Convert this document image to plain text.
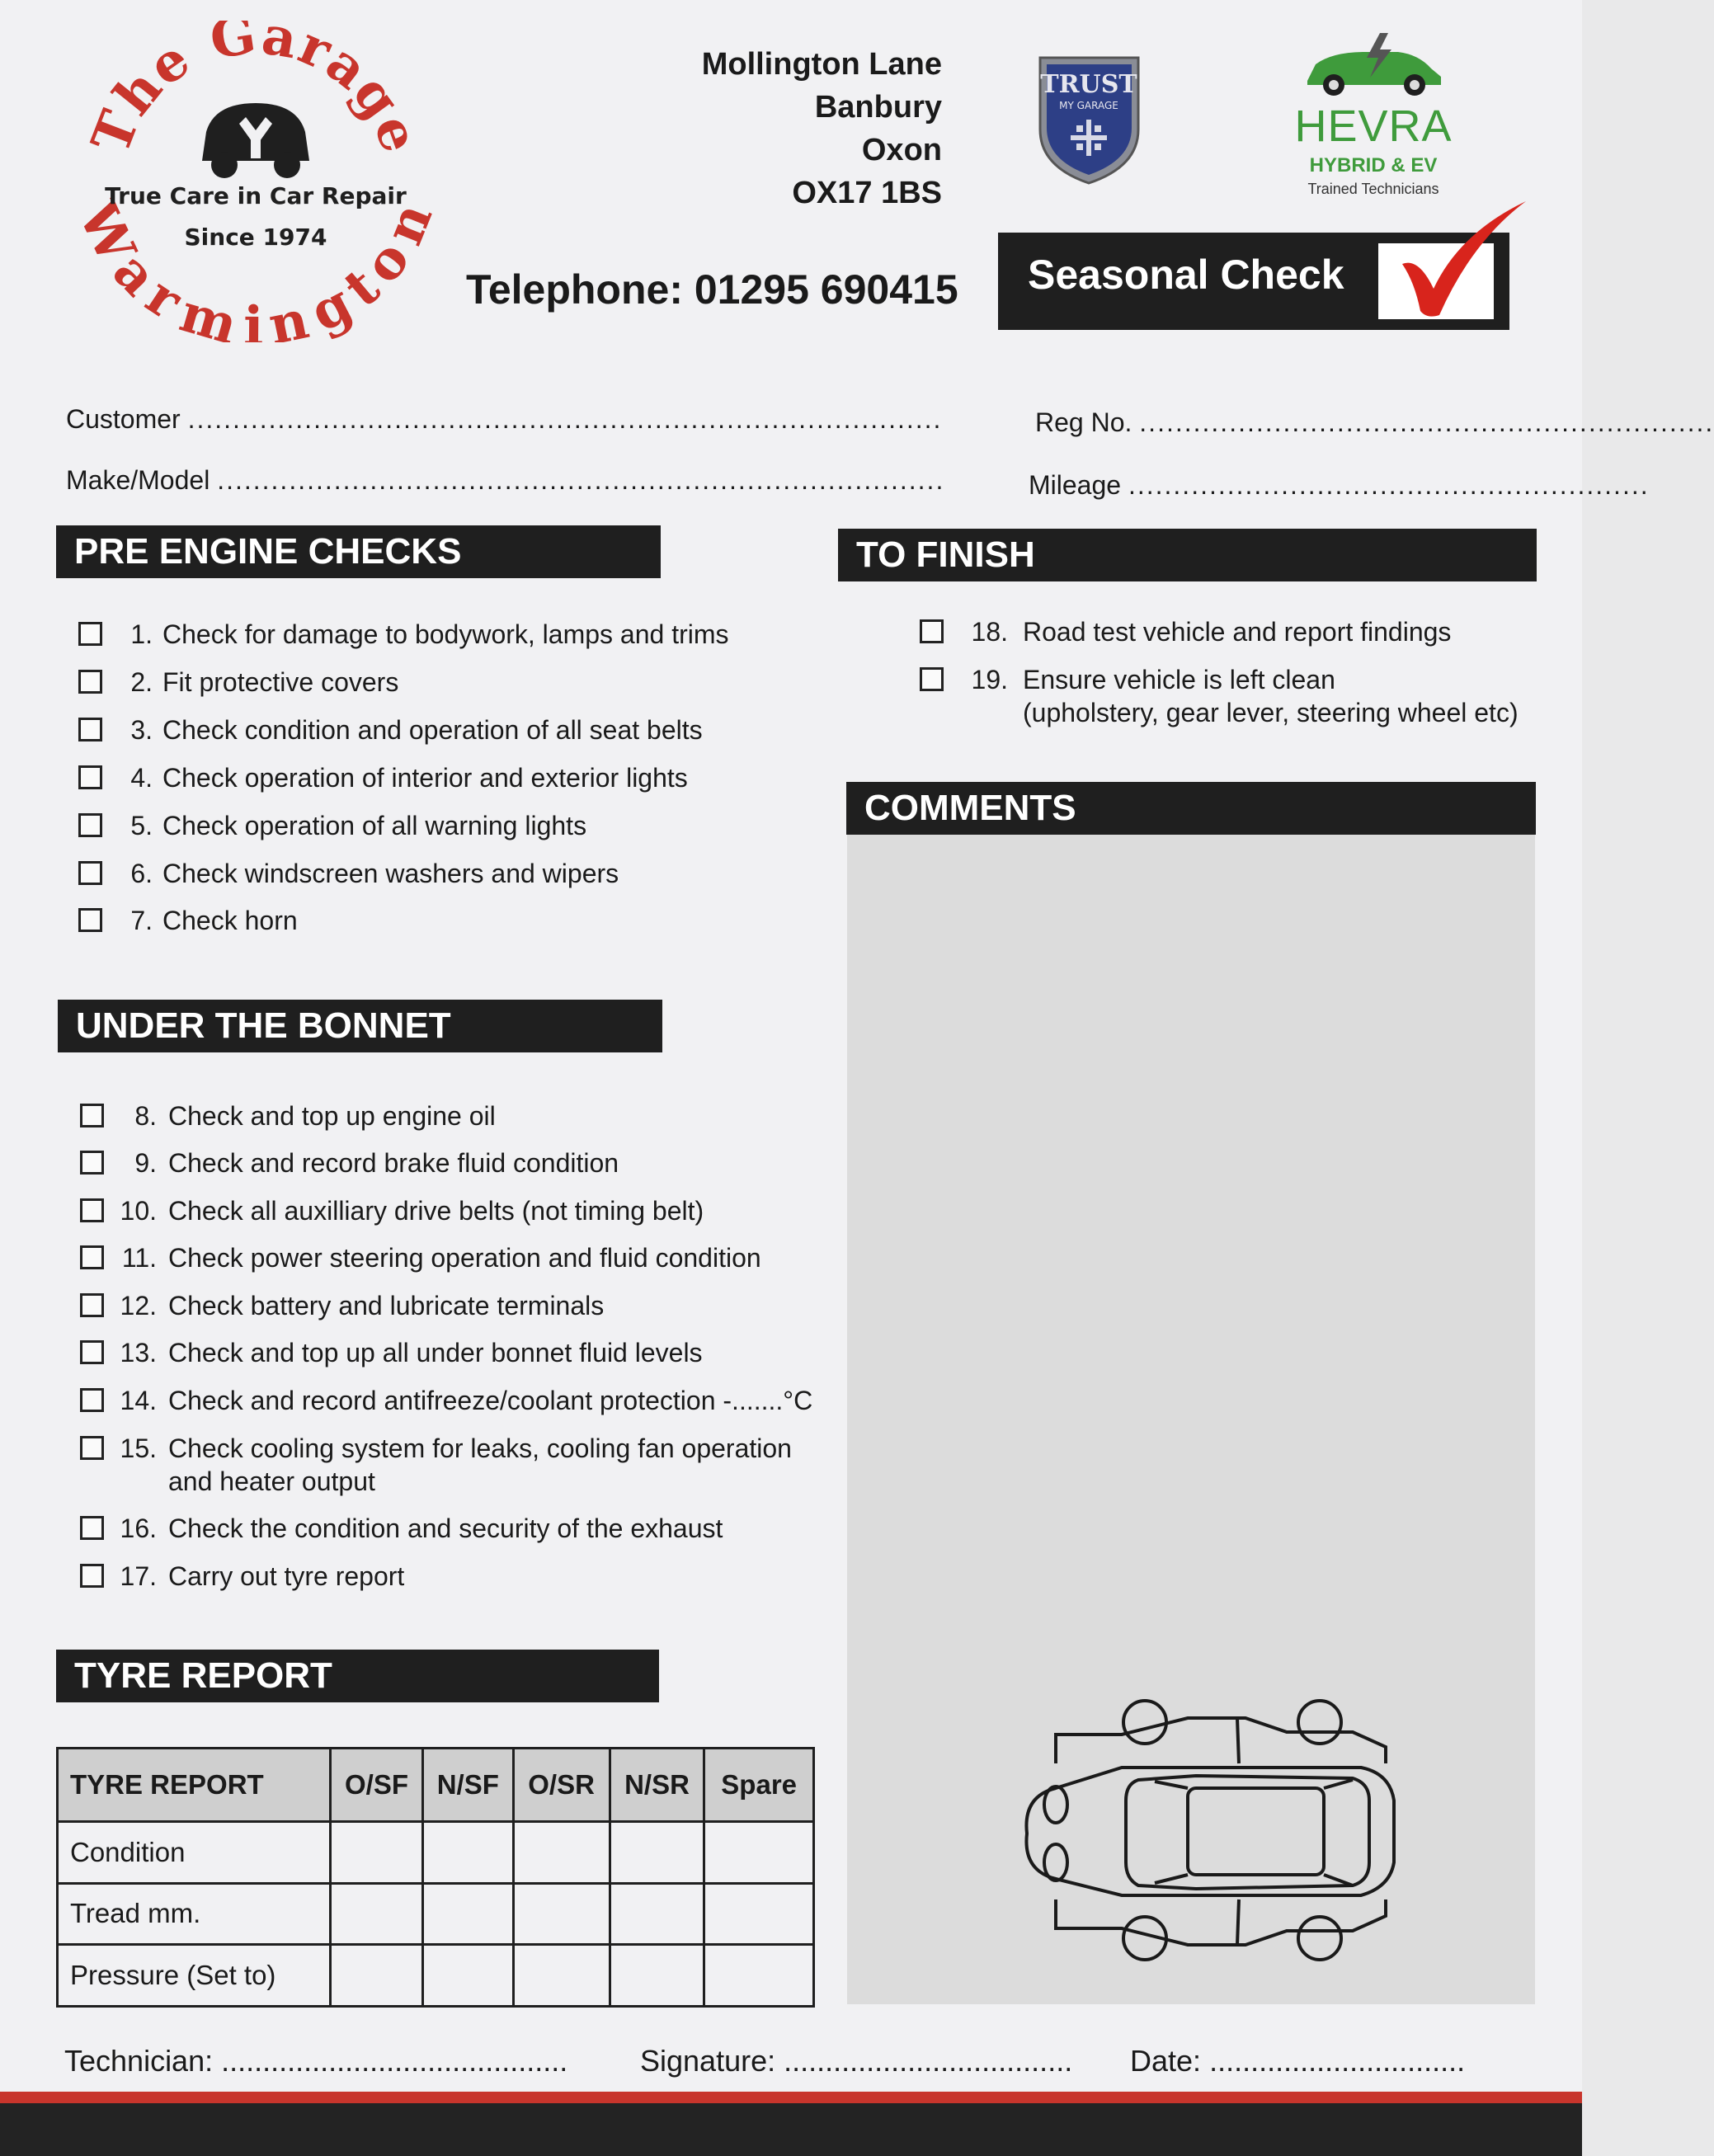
The Garage
armingto
True Care in Car Repair
Since 1974
Mollington Lane
Banbury
Oxon
OX17 1BS
Telephone: 01295 690415
TRUST
MY GARAGE	HEVRA
HYBRID & EV
Trained Technicians
Seasonal Check
Customer ....................................................................................
Make/Model .................................................................................
Reg No. ................................................................
Mileage ..........................................................
PRE ENGINE CHECKS
UNDER THE BONNET
TYRE REPORT
TO FINISH
COMMENTS
1. Check for damage to bodywork, lamps and trims
2. Fit protective covers
3. Check condition and operation of all seat belts
4. Check operation of interior and exterior lights
5. Check operation of all warning lights
6. Check windscreen washers and wipers
7. Check horn
8. Check and top up engine oil
9. Check and record brake fluid condition
10. Check all auxilliary drive belts (not timing belt)
11. Check power steering operation and fluid condition
12. Check battery and lubricate terminals
13. Check and top up all under bonnet fluid levels
14. Check and record antifreeze/coolant protection -.......°C
15. Check cooling system for leaks, cooling fan operation
and heater output
16. Check the condition and security of the exhaust
17. Carry out tyre report
18. Road test vehicle and report findings
19. Ensure vehicle is left clean
(upholstery, gear lever, steering wheel etc)
TYRE REPORT	O/SF	N/SF	O/SR	N/SR	Spare
Condition					
Tread mm.					
Pressure (Set to)					
Technician: .......................................... Signature: ................................... Date: ...............................
